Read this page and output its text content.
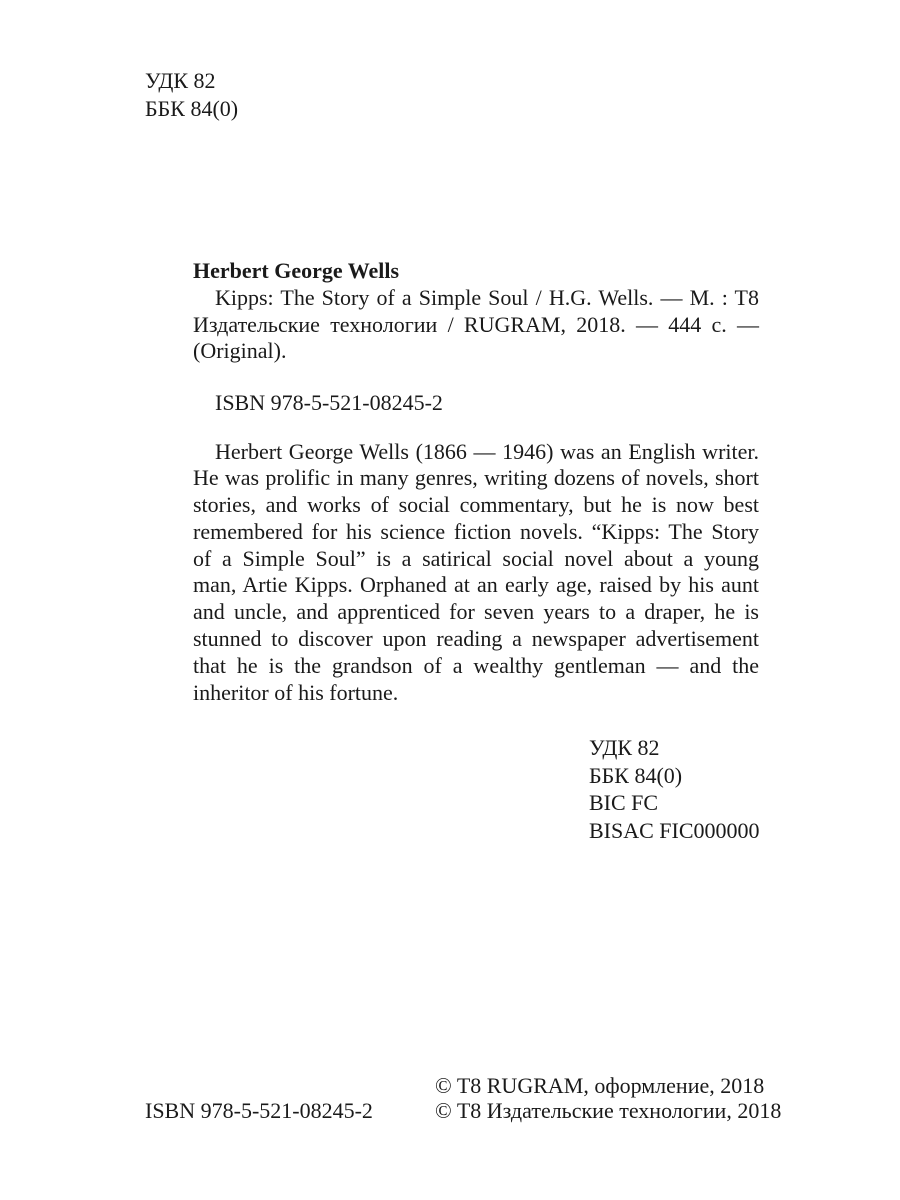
УДК 82
ББК 84(0)
Herbert George Wells
Kipps: The Story of a Simple Soul / H.G. Wells. — M. : T8
Издательские технологии / RUGRAM, 2018. — 444 с. —
(Original).
ISBN 978-5-521-08245-2
Herbert George Wells (1866 — 1946) was an English writer.
He was prolific in many genres, writing dozens of novels, short
stories, and works of social commentary, but he is now best
remembered for his science fiction novels. “Kipps: The Story
of a Simple Soul” is a satirical social novel about a young
man, Artie Kipps. Orphaned at an early age, raised by his aunt
and uncle, and apprenticed for seven years to a draper, he is
stunned to discover upon reading a newspaper advertisement
that he is the grandson of a wealthy gentleman — and the
inheritor of his fortune.
УДК 82
ББК 84(0)
BIC FC
BISAC FIC000000
ISBN 978-5-521-08245-2
© T8 RUGRAM, оформление, 2018
© T8 Издательские технологии, 2018
